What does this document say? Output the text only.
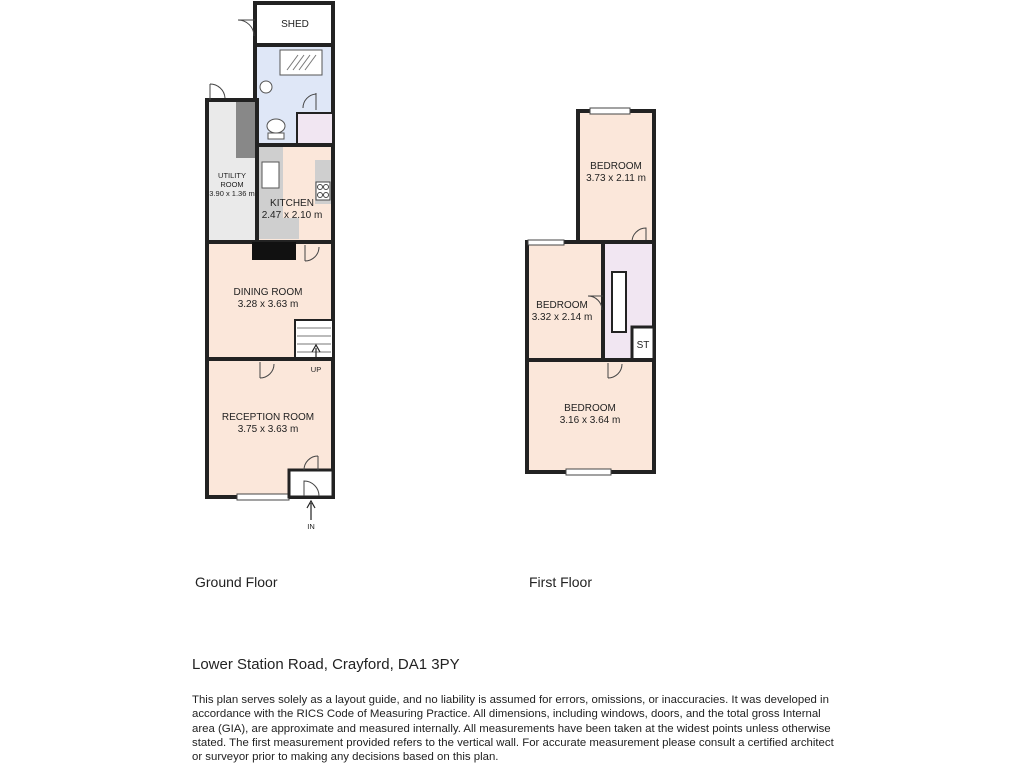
UTILITY
ROOM
3.90 x 1.36 m
SHED
KITCHEN
2.47 x 2.10 m
DINING ROOM
3.28 x 3.63 m
RECEPTION ROOM
3.75 x 3.63 m
UP
IN
BEDROOM
3.73 x 2.11 m
BEDROOM
3.32 x 2.14 m
BEDROOM
3.16 x 3.64 m
ST
Ground Floor	First Floor
Lower Station Road, Crayford, DA1 3PY
This plan serves solely as a layout guide, and no liability is assumed for errors, omissions, or inaccuracies. It was developed in accordance with the RICS Code of Measuring Practice. All dimensions, including windows, doors, and the total gross Internal area (GIA), are approximate and measured internally. All measurements have been taken at the widest points unless otherwise stated. The first measurement provided refers to the vertical wall. For accurate measurement please consult a certified architect or surveyor prior to making any decisions based on this plan.
